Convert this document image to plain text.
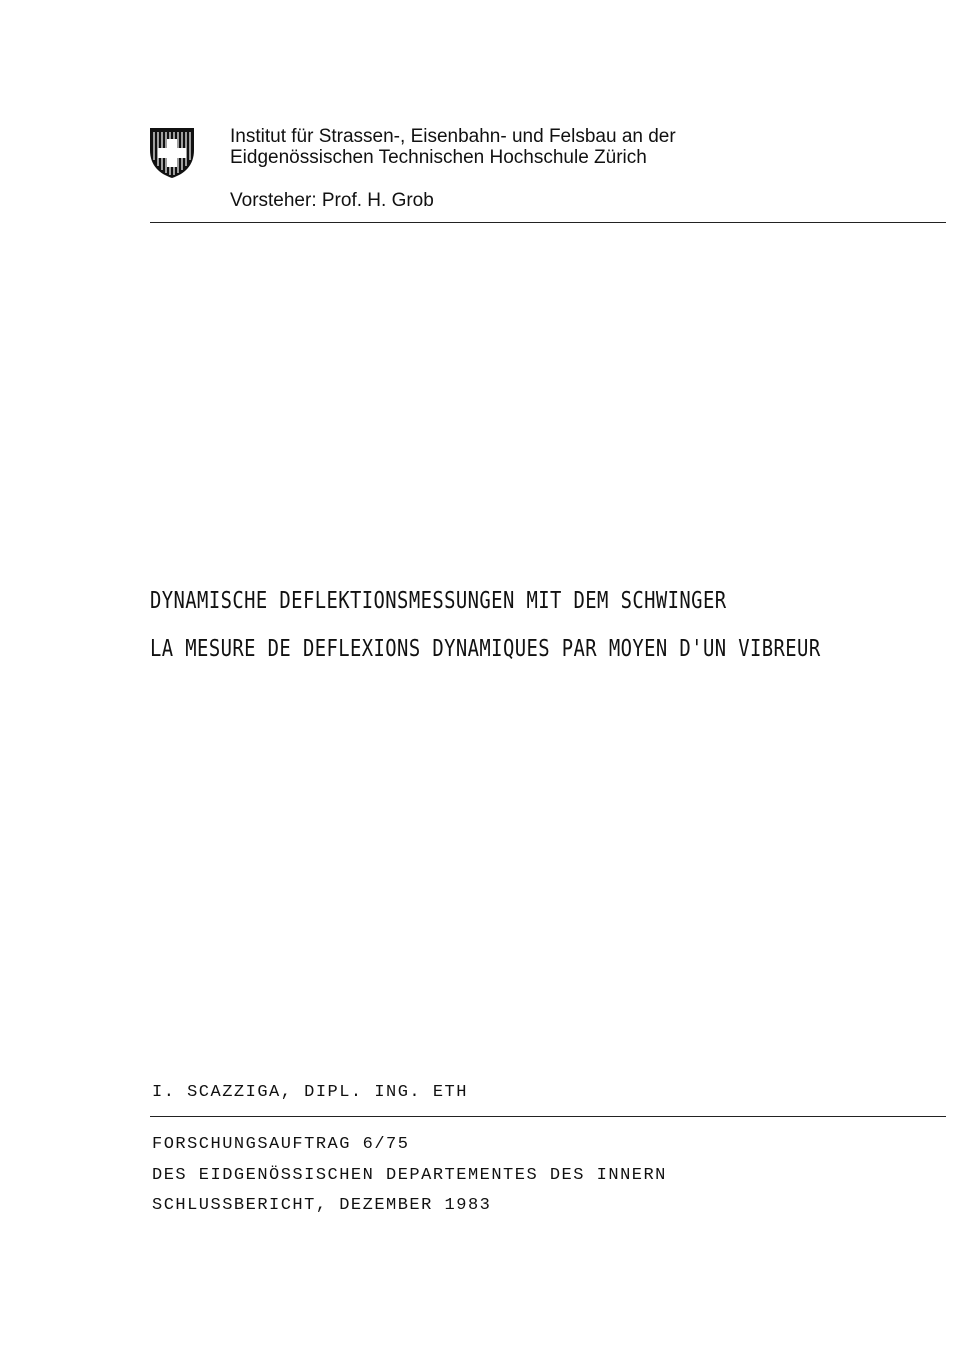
Institut für Strassen-, Eisenbahn- und Felsbau an der
Eidgenössischen Technischen Hochschule Zürich
Vorsteher: Prof. H. Grob
DYNAMISCHE DEFLEKTIONSMESSUNGEN MIT DEM SCHWINGER
LA MESURE DE DEFLEXIONS DYNAMIQUES PAR MOYEN D'UN VIBREUR
I. SCAZZIGA, DIPL. ING. ETH
FORSCHUNGSAUFTRAG 6/75
DES EIDGENÖSSISCHEN DEPARTEMENTES DES INNERN
SCHLUSSBERICHT, DEZEMBER 1983
